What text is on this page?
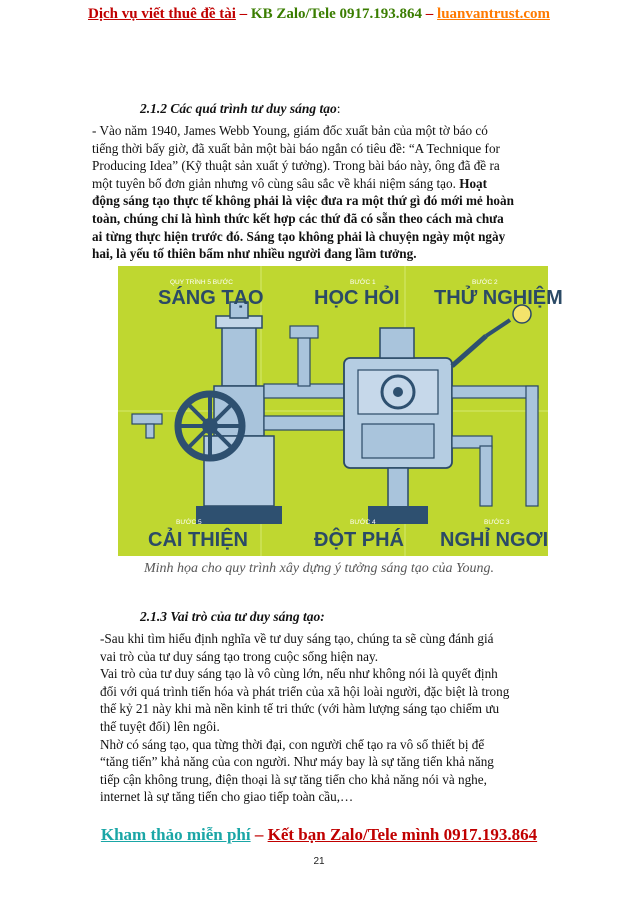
Dịch vụ viết thuê đề tài – KB Zalo/Tele 0917.193.864 – luanvantrust.com
2.1.2 Các quá trình tư duy sáng tạo:
- Vào năm 1940, James Webb Young, giám đốc xuất bản của một tờ báo có
tiếng thời bấy giờ, đã xuất bản một bài báo ngắn có tiêu đề: “A Technique for
Producing Idea” (Kỹ thuật sản xuất ý tưởng). Trong bài báo này, ông đã đề ra
một tuyên bố đơn giản nhưng vô cùng sâu sắc về khái niệm sáng tạo. Hoạt
động sáng tạo thực tế không phải là việc đưa ra một thứ gì đó mới mẻ hoàn
toàn, chúng chỉ là hình thức kết hợp các thứ đã có sẵn theo cách mà chưa
ai từng thực hiện trước đó. Sáng tạo không phải là chuyện ngày một ngày
hai, là yếu tố thiên bẩm như nhiều người đang lầm tưởng.
QUY TRÌNH 5 BƯỚC
SÁNG TẠO
BƯỚC 1
HỌC HỎI
BƯỚC 2
THỬ NGHIỆM
BƯỚC 5
CẢI THIỆN
BƯỚC 4
ĐỘT PHÁ
BƯỚC 3
NGHỈ NGƠI
Minh họa cho quy trình xây dựng ý tưởng sáng tạo của Young.
2.1.3 Vai trò của tư duy sáng tạo:
-Sau khi tìm hiểu định nghĩa về tư duy sáng tạo, chúng ta sẽ cùng đánh giá
vai trò của tư duy sáng tạo trong cuộc sống hiện nay.
Vai trò của tư duy sáng tạo là vô cùng lớn, nếu như không nói là quyết định
đối với quá trình tiến hóa và phát triển của xã hội loài người, đặc biệt là trong
thế kỷ 21 này khi mà nền kinh tế tri thức (với hàm lượng sáng tạo chiếm ưu
thế tuyệt đối) lên ngôi.
Nhờ có sáng tạo, qua từng thời đại, con người chế tạo ra vô số thiết bị để
“tăng tiến” khả năng của con người. Như máy bay là sự tăng tiến khả năng
tiếp cận không trung, điện thoại là sự tăng tiến cho khả năng nói và nghe,
internet là sự tăng tiến cho giao tiếp toàn cầu,…
Kham thảo miễn phí – Kết bạn Zalo/Tele mình 0917.193.864
21
